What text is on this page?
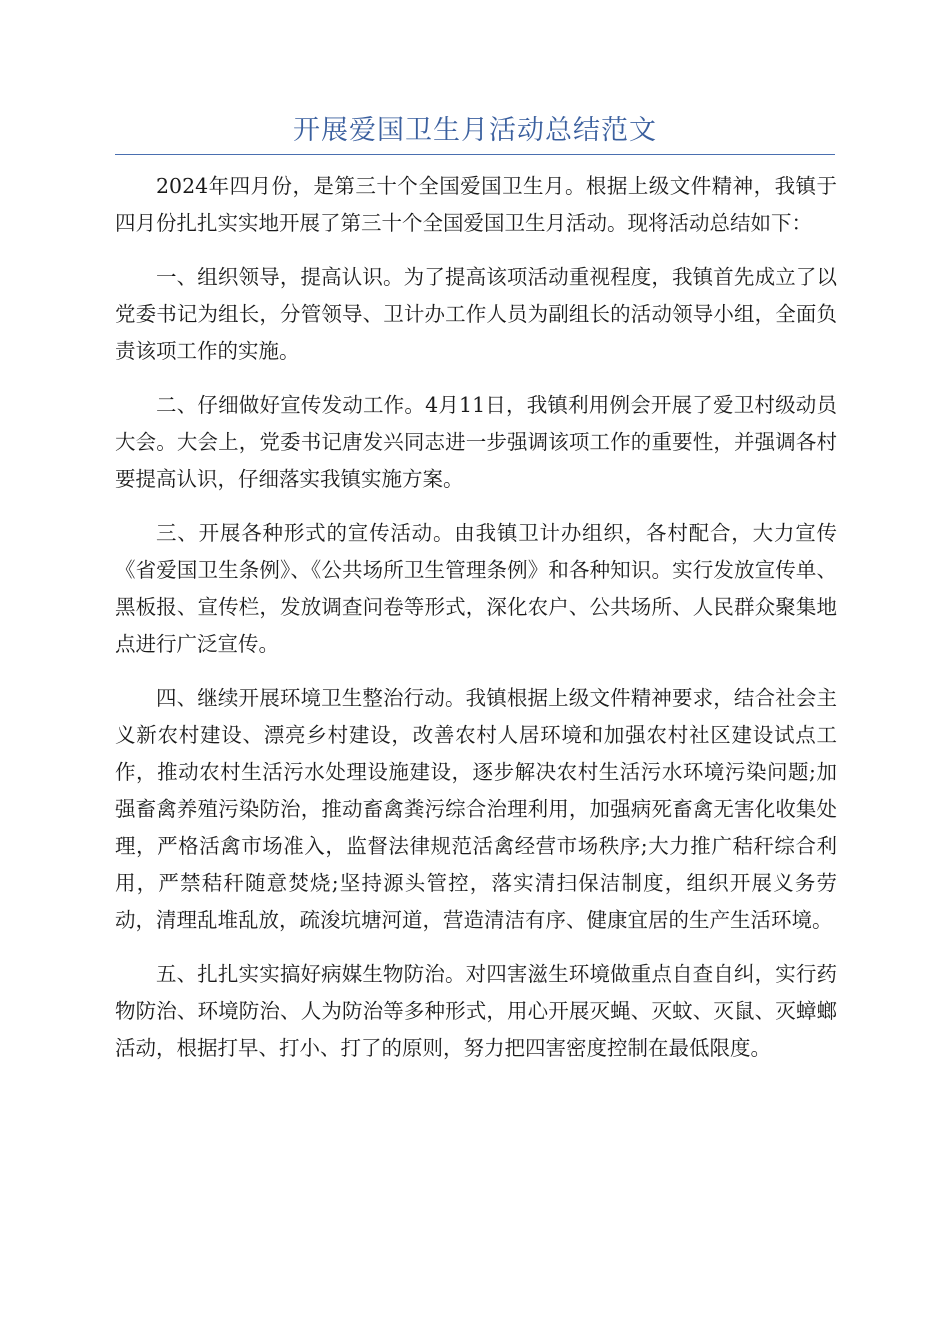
开展爱国卫生月活动总结范文

2024年四月份，是第三十个全国爱国卫生月。根据上级文件精神，我镇于四月份扎扎实实地开展了第三十个全国爱国卫生月活动。现将活动总结如下：

一、组织领导，提高认识。为了提高该项活动重视程度，我镇首先成立了以党委书记为组长，分管领导、卫计办工作人员为副组长的活动领导小组，全面负责该项工作的实施。

二、仔细做好宣传发动工作。4月11日，我镇利用例会开展了爱卫村级动员大会。大会上，党委书记唐发兴同志进一步强调该项工作的重要性，并强调各村要提高认识，仔细落实我镇实施方案。

三、开展各种形式的宣传活动。由我镇卫计办组织，各村配合，大力宣传《省爱国卫生条例》、《公共场所卫生管理条例》和各种知识。实行发放宣传单、黑板报、宣传栏，发放调查问卷等形式，深化农户、公共场所、人民群众聚集地点进行广泛宣传。

四、继续开展环境卫生整治行动。我镇根据上级文件精神要求，结合社会主义新农村建设、漂亮乡村建设，改善农村人居环境和加强农村社区建设试点工作，推动农村生活污水处理设施建设，逐步解决农村生活污水环境污染问题;加强畜禽养殖污染防治，推动畜禽粪污综合治理利用，加强病死畜禽无害化收集处理，严格活禽市场准入，监督法律规范活禽经营市场秩序;大力推广秸秆综合利用，严禁秸秆随意焚烧;坚持源头管控，落实清扫保洁制度，组织开展义务劳动，清理乱堆乱放，疏浚坑塘河道，营造清洁有序、健康宜居的生产生活环境。

五、扎扎实实搞好病媒生物防治。对四害滋生环境做重点自查自纠，实行药物防治、环境防治、人为防治等多种形式，用心开展灭蝇、灭蚊、灭鼠、灭蟑螂活动，根据打早、打小、打了的原则，努力把四害密度控制在最低限度。
